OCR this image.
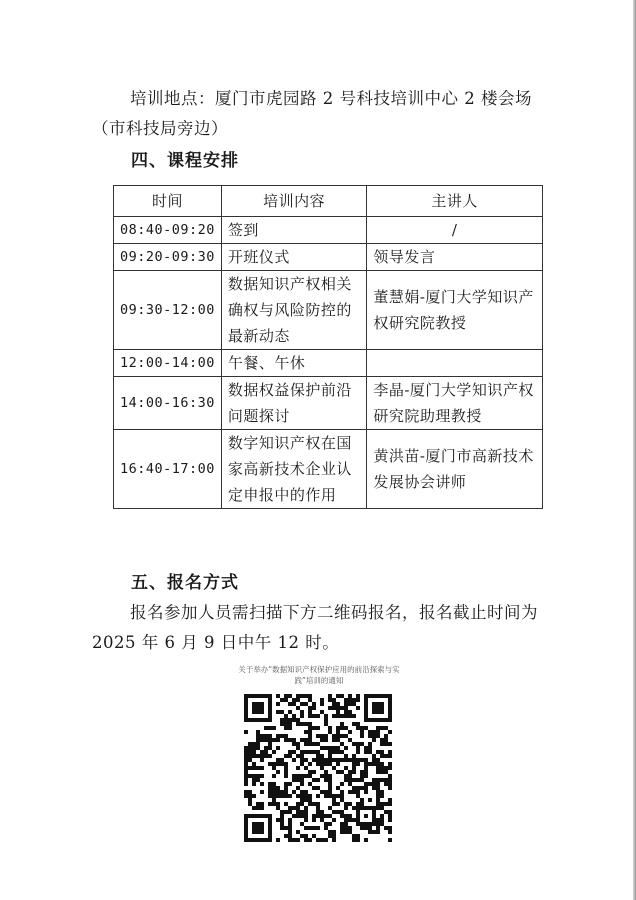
培训地点：厦门市虎园路 2 号科技培训中心 2 楼会场（市科技局旁边）
四、课程安排
时间	培训内容	主讲人
08:40-09:20	签到	/
09:20-09:30	开班仪式	领导发言
09:30-12:00	数据知识产权相关确权与风险防控的最新动态	董慧娟-厦门大学知识产权研究院教授
12:00-14:00	午餐、午休	
14:00-16:30	数据权益保护前沿问题探讨	李晶-厦门大学知识产权研究院助理教授
16:40-17:00	数字知识产权在国家高新技术企业认定申报中的作用	黄洪苗-厦门市高新技术发展协会讲师
五、报名方式
报名参加人员需扫描下方二维码报名，报名截止时间为 2025 年 6 月 9 日中午 12 时。
关于举办“数据知识产权保护应用的前沿探索与实践”培训的通知
